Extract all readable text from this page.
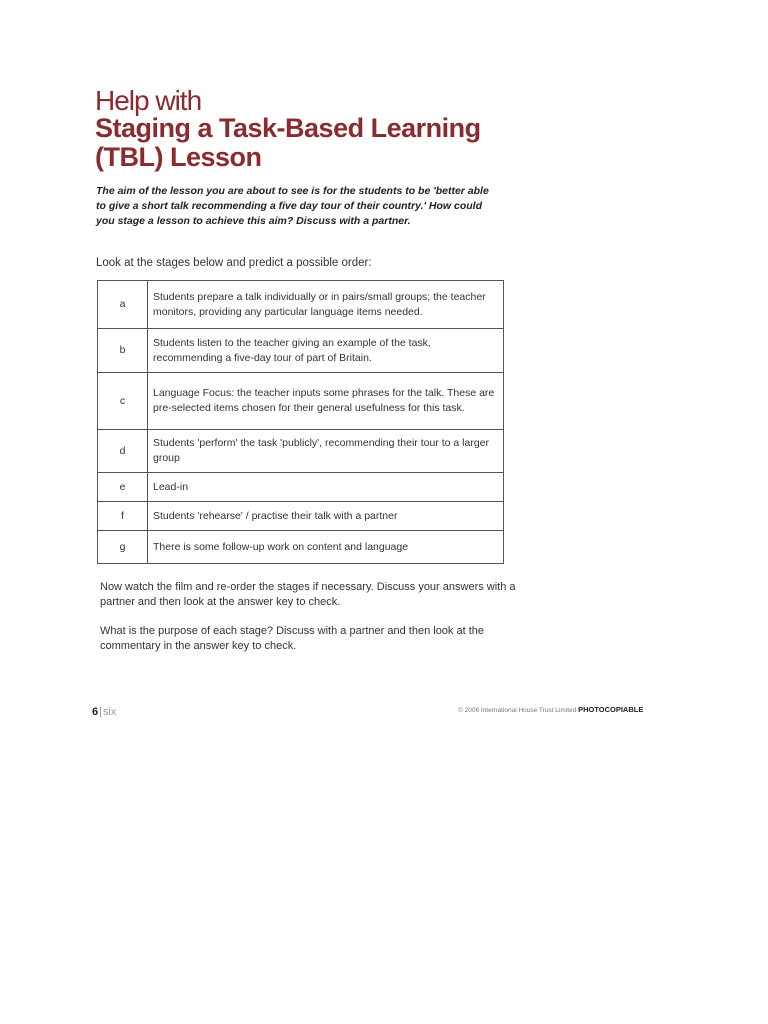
Help with
Staging a Task-Based Learning (TBL) Lesson
The aim of the lesson you are about to see is for the students to be 'better able to give a short talk recommending a five day tour of their country.' How could you stage a lesson to achieve this aim? Discuss with a partner.
Look at the stages below and predict a possible order:
a	Students prepare a talk individually or in pairs/small groups; the teacher monitors, providing any particular language items needed.
b	Students listen to the teacher giving an example of the task, recommending a five-day tour of part of Britain.
c	Language Focus: the teacher inputs some phrases for the talk. These are pre-selected items chosen for their general usefulness for this task.
d	Students 'perform' the task 'publicly', recommending their tour to a larger group
e	Lead-in
f	Students 'rehearse' / practise their talk with a partner
g	There is some follow-up work on content and language
Now watch the film and re-order the stages if necessary. Discuss your answers with a partner and then look at the answer key to check.
What is the purpose of each stage? Discuss with a partner and then look at the commentary in the answer key to check.
6|six	© 2006 International House Trust Limited PHOTOCOPIABLE
